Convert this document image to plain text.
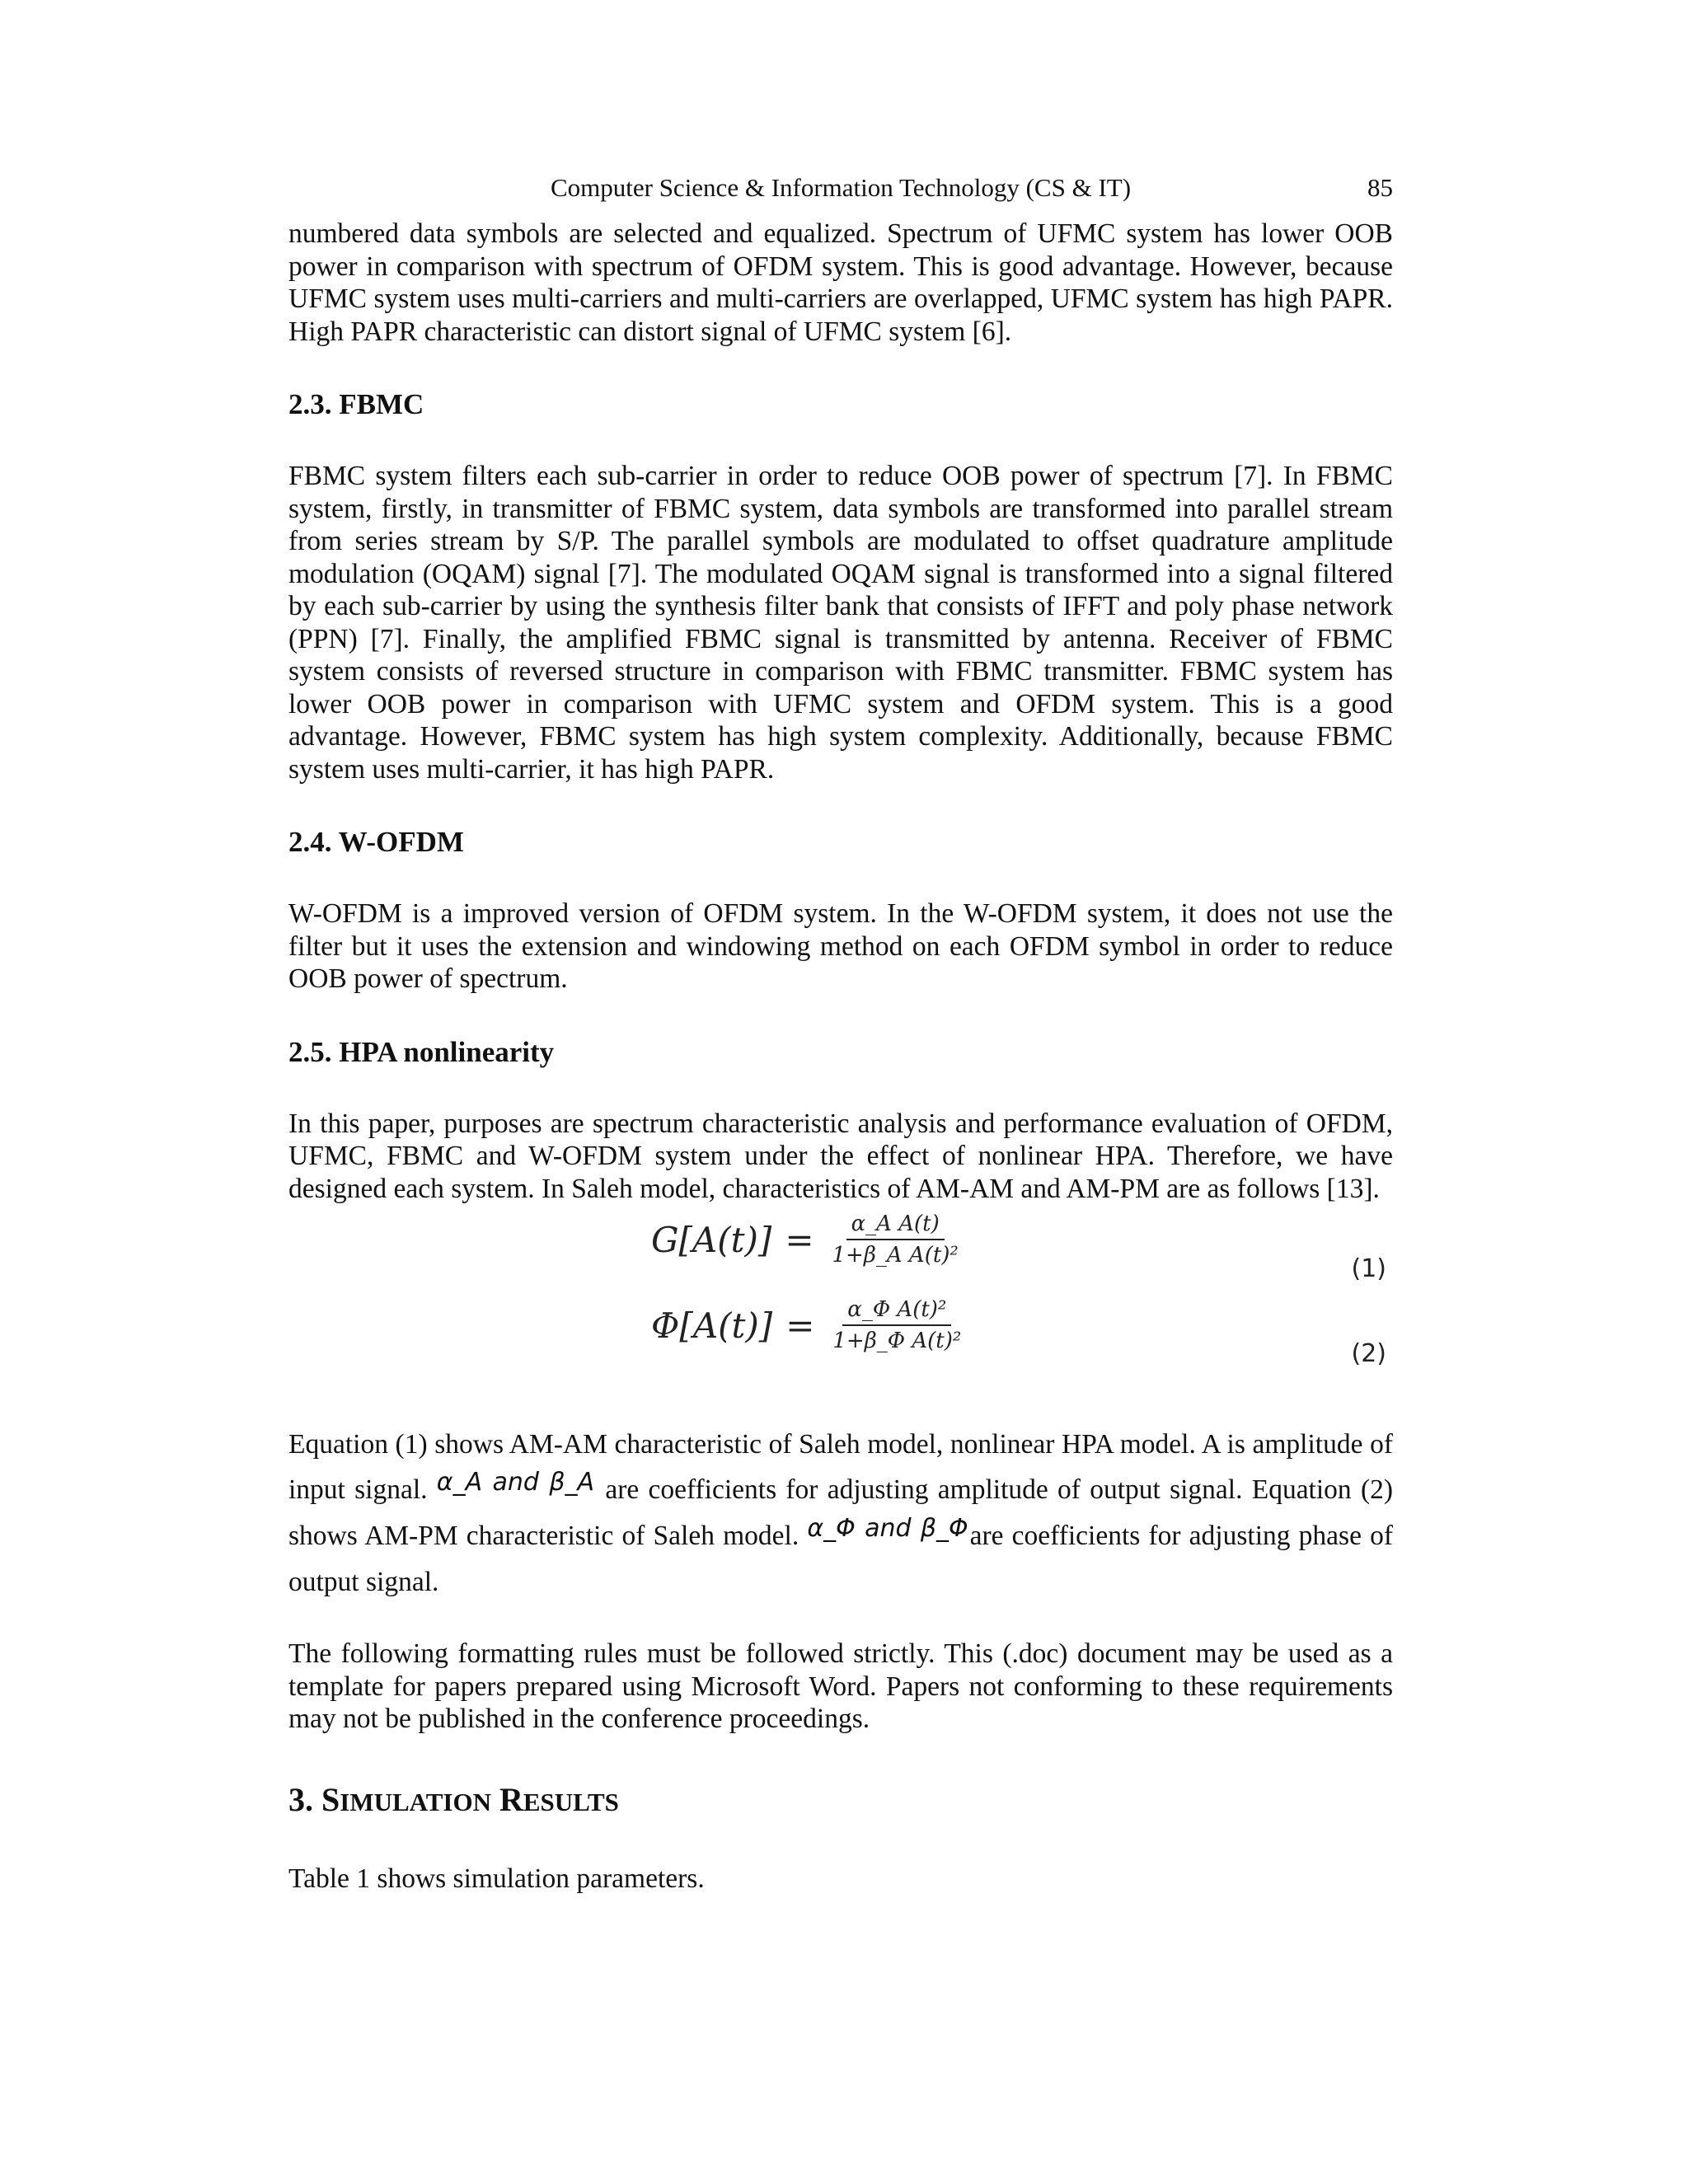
Computer Science & Information Technology (CS & IT)	85

numbered data symbols are selected and equalized. Spectrum of UFMC system has lower OOB power in comparison with spectrum of OFDM system. This is good advantage. However, because UFMC system uses multi-carriers and multi-carriers are overlapped, UFMC system has high PAPR. High PAPR characteristic can distort signal of UFMC system [6].

2.3. FBMC

FBMC system filters each sub-carrier in order to reduce OOB power of spectrum [7]. In FBMC system, firstly, in transmitter of FBMC system, data symbols are transformed into parallel stream from series stream by S/P. The parallel symbols are modulated to offset quadrature amplitude modulation (OQAM) signal [7]. The modulated OQAM signal is transformed into a signal filtered by each sub-carrier by using the synthesis filter bank that consists of IFFT and poly phase network (PPN) [7]. Finally, the amplified FBMC signal is transmitted by antenna. Receiver of FBMC system consists of reversed structure in comparison with FBMC transmitter. FBMC system has lower OOB power in comparison with UFMC system and OFDM system. This is a good advantage. However, FBMC system has high system complexity. Additionally, because FBMC system uses multi-carrier, it has high PAPR.

2.4. W-OFDM

W-OFDM is a improved version of OFDM system. In the W-OFDM system, it does not use the filter but it uses the extension and windowing method on each OFDM symbol in order to reduce OOB power of spectrum.

2.5. HPA nonlinearity

In this paper, purposes are spectrum characteristic analysis and performance evaluation of OFDM, UFMC, FBMC and W-OFDM system under the effect of nonlinear HPA. Therefore, we have designed each system. In Saleh model, characteristics of AM-AM and AM-PM are as follows [13].

$G[A(t)] = \frac{\text{α\_A A(t)}}{\text{1+β\_A A(t)²}}$
(1)
$\Phi[A(t)] = \frac{\text{α\_Φ A(t)²}}{\text{1+β\_Φ A(t)²}}$
(2)

Equation (1) shows AM-AM characteristic of Saleh model, nonlinear HPA model. A is amplitude of input signal. α_A and β_A are coefficients for adjusting amplitude of output signal. Equation (2) shows AM-PM characteristic of Saleh model. α_Φ and β_Φare coefficients for adjusting phase of output signal.

The following formatting rules must be followed strictly. This (.doc) document may be used as a template for papers prepared using Microsoft Word. Papers not conforming to these requirements may not be published in the conference proceedings.

3. SIMULATION RESULTS

Table 1 shows simulation parameters.
